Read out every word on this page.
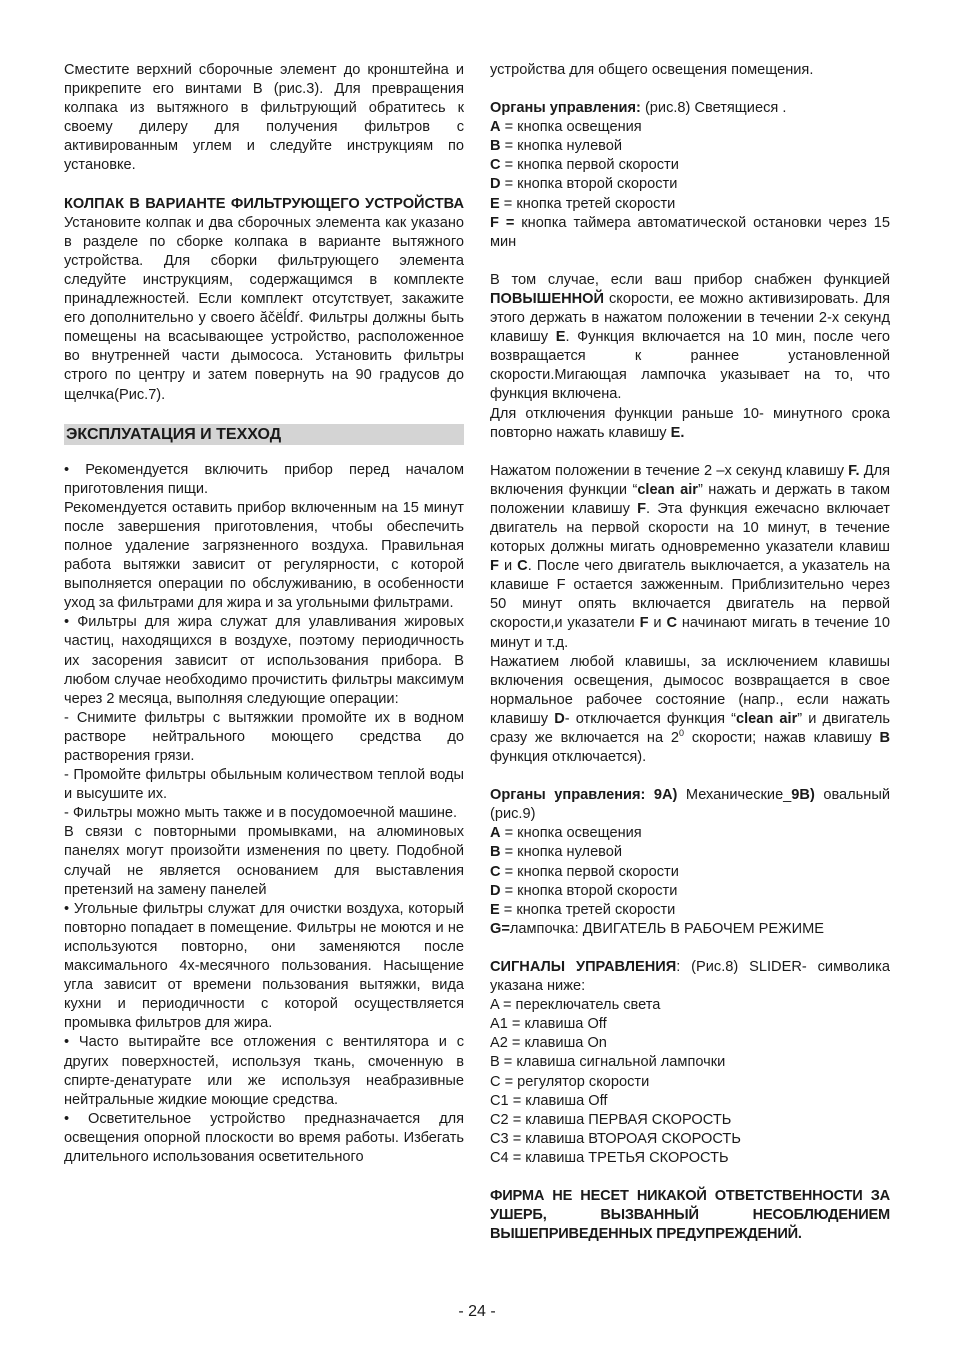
Сместите верхний сборочные элемент до кронштейна и прикрепите его винтами B (рис.3). Для превращения колпака из вытяжного в фильтрующий обратитесь к своему дилеру для получения фильтров с активированным углем и следуйте инструкциям по установке.

КОЛПАК В ВАРИАНТЕ ФИЛЬТРУЮЩЕГО УСТРОЙСТВА

Установите колпак и два сборочных элемента как указано в разделе по сборке колпака в варианте вытяжного устройства. Для сборки фильтрующего элемента следуйте инструкциям, содержащимся в комплекте принадлежностей. Если комплект отсутствует, закажите его дополнительно у своего ăčëĺđŕ. Фильтры должны быть помещены на всасывающее устройство, расположенное во внутренней части дымососа. Установить фильтры строго по центру и затем повернуть на 90 градусов до щелчка(Рис.7).

ЭКСПЛУАТАЦИЯ И ТЕХХОД

• Рекомендуется включить прибор перед началом приготовления пищи.

Рекомендуется оставить прибор включенным на 15 минут после завершения приготовления, чтобы обеспечить полное удаление загрязненного воздуха. Правильная работа вытяжки зависит от регулярности, с которой выполняется операции по обслуживанию, в особенности уход за фильтрами для жира и за угольными фильтрами.

• Фильтры для жира служат для улавливания жировых частиц, находящихся в воздухе, поэтому периодичность их засорения зависит от использования прибора. В любом случае необходимо прочистить фильтры максимум через 2 месяца, выполняя следующие операции:

- Снимите фильтры с вытяжкии промойте их в водном растворе нейтрального моющего средства до растворения грязи.

- Промойте фильтры обыльным количеством теплой воды и высушите их.

- Фильтры можно мыть также и в посудомоечной машине.

В связи с повторными промывками, на алюминовых панелях могут произойти изменения по цвету. Подобной случай не является основанием для выставления претензий на замену панелей

• Угольные фильтры служат для очистки воздуха, который повторно попадает в помещение. Фильтры не моются и не используются повторно, они заменяются после максимального 4х-месячного пользования. Насыщение угла зависит от времени пользования вытяжки, вида кухни и периодичности с которой осуществляется промывка фильтров для жира.

• Часто вытирайте все отложения с вентилятора и с других поверхностей, используя ткань, смоченную в спирте-денатурате или же используя неабразивные нейтральные жидкие моющие средства.

• Осветительное устройство предназначается для освещения опорной плоскости во время работы. Избегать длительного использования осветительного

устройства для общего освещения помещения.

Органы управления: (рис.8) Светящиеся .

A = кнопка освещения

B = кнопка нулевой

C = кнопка первой скорости

D = кнопка второй скорости

E = кнопка третей скорости

F = кнопка таймера автоматической остановки через 15 мин

В том случае, если ваш прибор снабжен функцией ПОВЫШЕННОЙ скорости, ее можно активизировать. Для этого держать в нажатом положении в течении 2-х секунд клавишу E. Функция включается на 10 мин, после чего возвращается к раннее установленной скорости.Мигающая лампочка указывает на то, что функция включена.

Для отключения функции раньше 10- минутного срока повторно нажать клавишу E.

Нажатом положении в течение 2 –х секунд клавишу F. Для включения функции “clean air” нажать и держать в таком положении клавишу F. Эта функция ежечасно включает двигатель на первой скорости на 10 минут, в течение которых должны мигать одновременно указатели клавиш F и C. После чего двигатель выключается, а указатель на клавише F остается зажженным. Приблизительно через 50 минут опять включается двигатель на первой скорости,и указатели F и C начинают мигать в течение 10 минут и т.д.

Нажатием любой клавишы, за исключением клавишы включения освещения, дымосос возвращается в свое нормальное рабочее состояние (напр., если нажать клавишу D- отключается функция “clean air” и двигатель сразу же включается на $2^0$ скорости; нажав клавишу B функция отключается).

Органы управления: 9A) Механические_9B) овальный (рис.9)

A = кнопка освещения

B = кнопка нулевой

C = кнопка первой скорости

D = кнопка второй скорости

E = кнопка третей скорости

G=лампочка: ДВИГАТЕЛЬ В РАБОЧЕМ РЕЖИМЕ

СИГНАЛЫ УПРАВЛЕНИЯ: (Рис.8) SLIDER- символика указана ниже:

A = переключатель света

A1 = клавиша Off

A2 = клавиша On

B = клавиша сигнальной лампочки

C = регулятор скорости

C1 = клавиша Off

C2 = клавиша ПЕРВАЯ СКОРОСТЬ

C3 = клавиша ВТОРОАЯ СКОРОСТЬ

C4 = клавиша ТРЕТЬЯ СКОРОСТЬ

ФИРМА НЕ НЕСЕТ НИКАКОЙ ОТВЕТСТВЕННОСТИ ЗА УШЕРБ, ВЫЗВАННЫЙ НЕСОБЛЮДЕНИЕМ ВЫШЕПРИВЕДЕННЫХ ПРЕДУПРЕЖДЕНИЙ.

- 24 -
